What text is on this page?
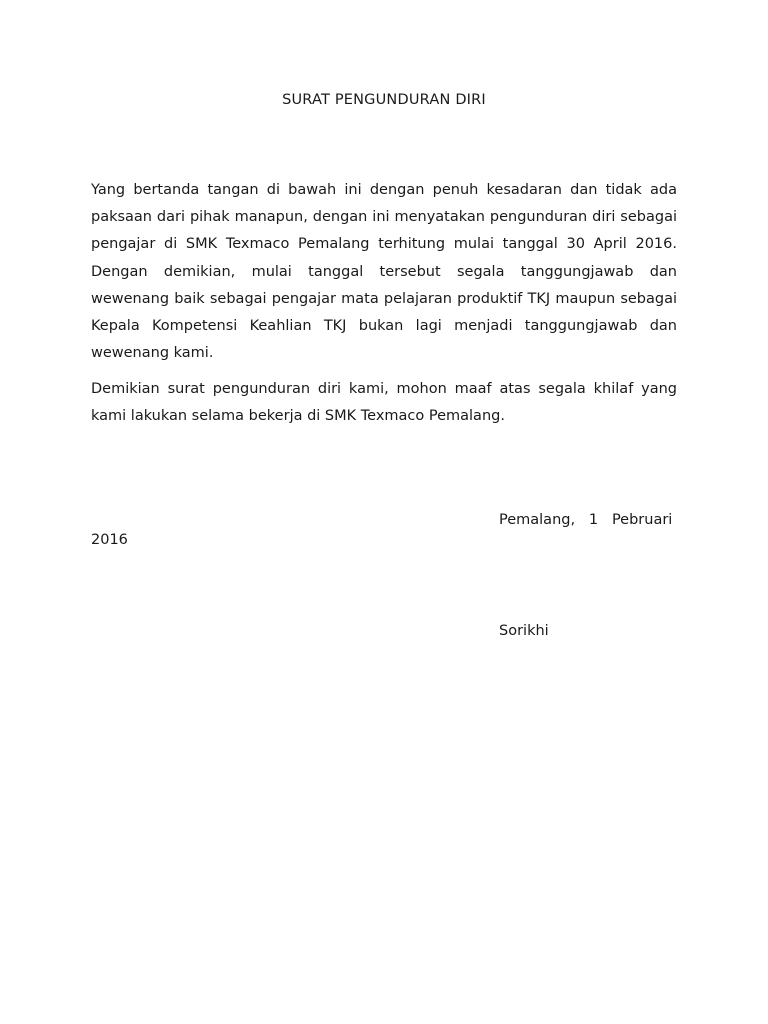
SURAT PENGUNDURAN DIRI

Yang bertanda tangan di bawah ini dengan penuh kesadaran dan tidak ada paksaan dari pihak manapun, dengan ini menyatakan pengunduran diri sebagai pengajar di SMK Texmaco Pemalang terhitung mulai tanggal 30 April 2016. Dengan demikian, mulai tanggal tersebut segala tanggungjawab dan wewenang baik sebagai pengajar mata pelajaran produktif TKJ maupun sebagai Kepala Kompetensi Keahlian TKJ bukan lagi menjadi tanggungjawab dan wewenang kami.

Demikian surat pengunduran diri kami, mohon maaf atas segala khilaf yang kami lakukan selama bekerja di SMK Texmaco Pemalang.

Pemalang,   1   Pebruari
2016
Sorikhi
